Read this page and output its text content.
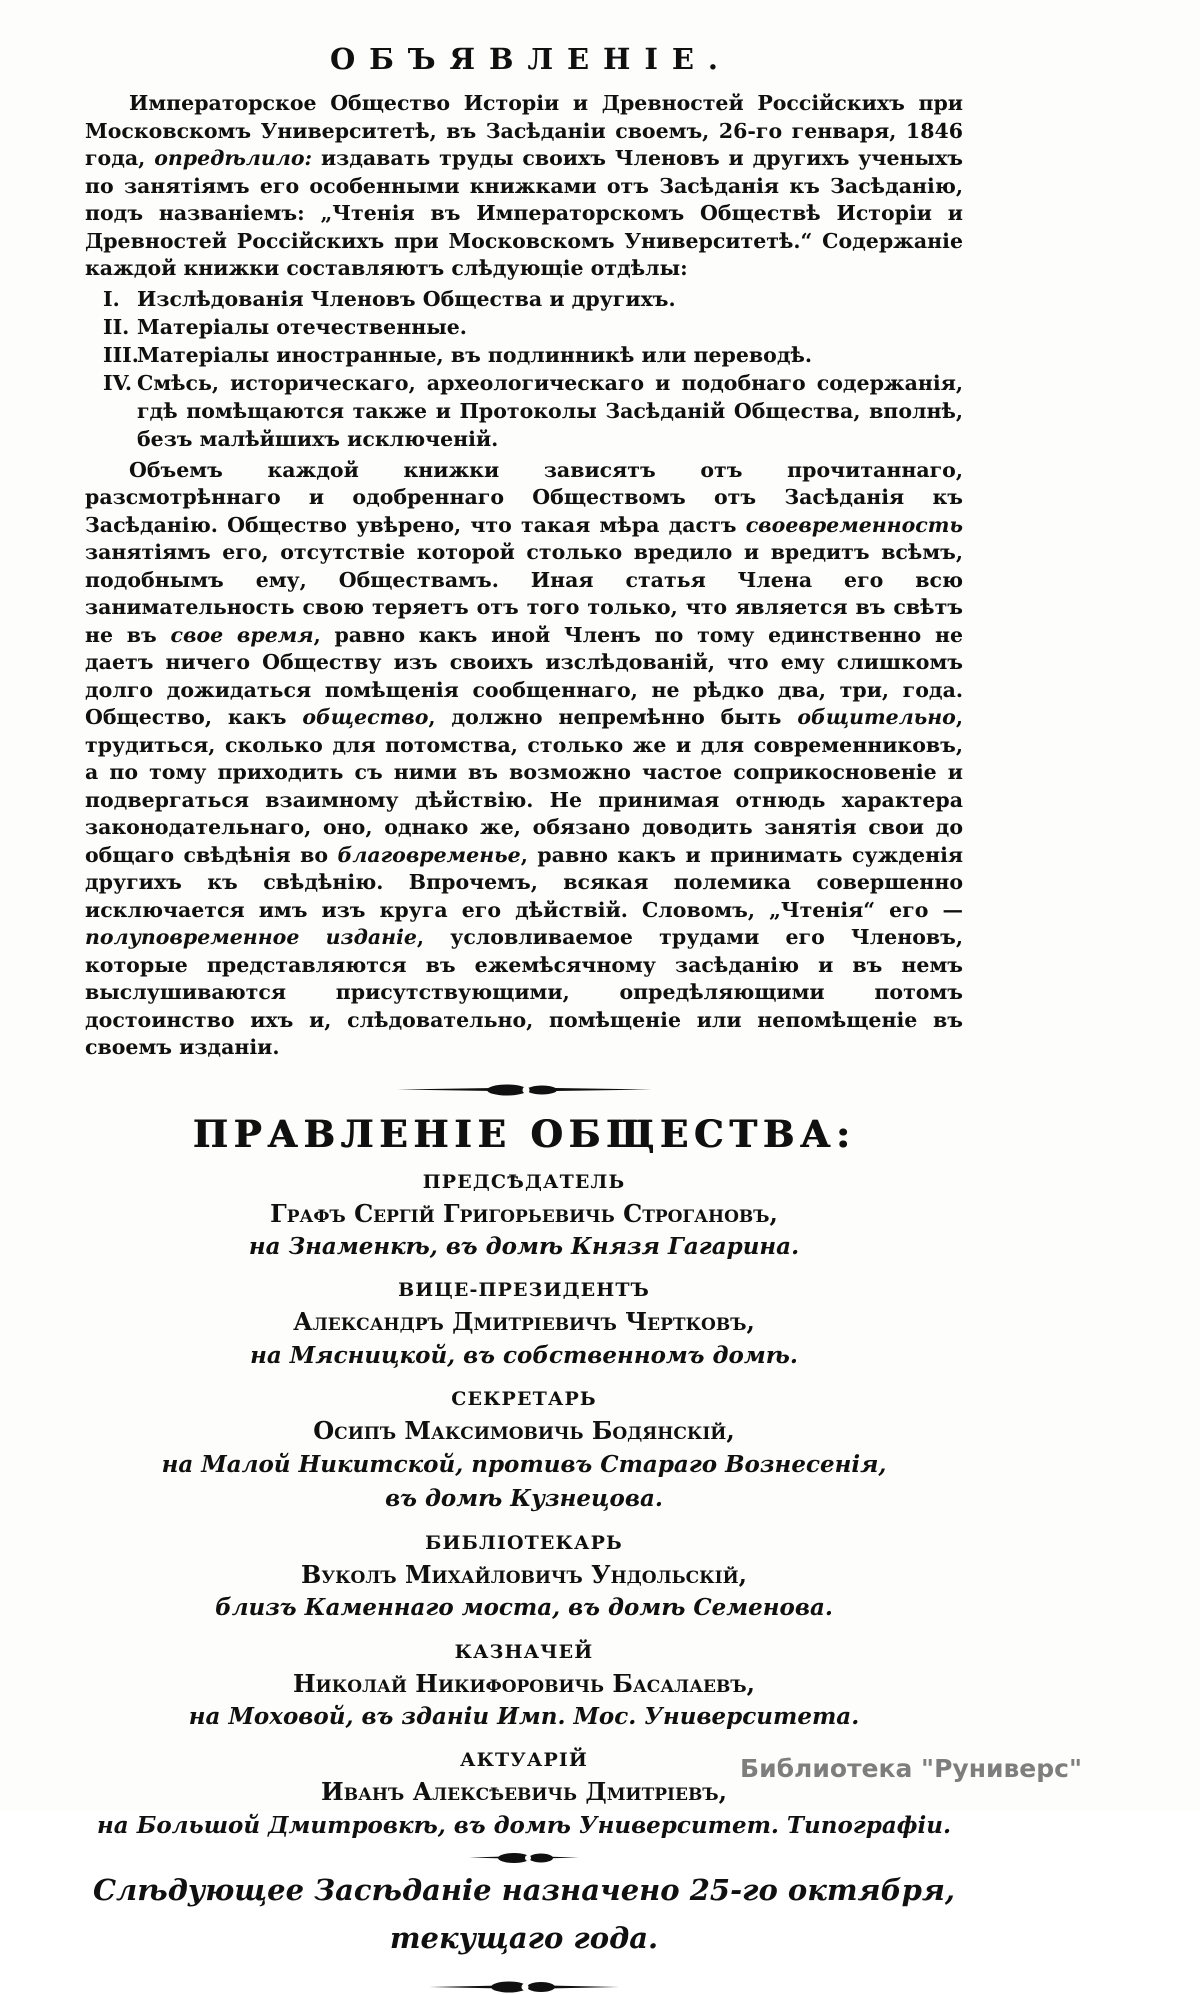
ОБЪЯВЛЕНІЕ.

Императорское Общество Исторіи и Древностей Россійскихъ при Московскомъ Университетѣ, въ Засѣданіи своемъ, 26-го генваря, 1846 года, опредѣлило: издавать труды своихъ Членовъ и другихъ ученыхъ по занятіямъ его особенными книжками отъ Засѣданія къ Засѣданію, подъ названіемъ: „Чтенія въ Императорскомъ Обществѣ Исторіи и Древностей Россійскихъ при Московскомъ Университетѣ.“ Содержаніе каждой книжки составляютъ слѣдующіе отдѣлы:

I. Изслѣдованія Членовъ Общества и другихъ.
II. Матеріалы отечественные.
III.
Матеріалы иностранные, въ подлинникѣ или переводѣ.
IV. Смѣсь, историческаго, археологическаго и подобнаго содержанія, гдѣ помѣщаются также и Протоколы Засѣданій Общества, вполнѣ, безъ малѣйшихъ исключеній.

Объемъ каждой книжки зависятъ отъ прочитаннаго, разсмотрѣннаго и одобреннаго Обществомъ отъ Засѣданія къ Засѣданію. Общество увѣрено, что такая мѣра дастъ своевременность занятіямъ его, отсутствіе которой столько вредило и вредитъ всѣмъ, подобнымъ ему, Обществамъ. Иная статья Члена его всю занимательность свою теряетъ отъ того только, что является въ свѣтъ не въ свое время, равно какъ иной Членъ по тому единственно не даетъ ничего Обществу изъ своихъ изслѣдованій, что ему слишкомъ долго дожидаться помѣщенія сообщеннаго, не рѣдко два, три, года. Общество, какъ общество, должно непремѣнно быть общительно, трудиться, сколько для потомства, столько же и для современниковъ, а по тому приходить съ ними въ возможно частое соприкосновеніе и подвергаться взаимному дѣйствію. Не принимая отнюдь характера законодательнаго, оно, однако же, обязано доводить занятія свои до общаго свѣдѣнія во благовременье, равно какъ и принимать сужденія другихъ къ свѣдѣнію. Впрочемъ, всякая полемика совершенно исключается имъ изъ круга его дѣйствій. Словомъ, „Чтенія“ его — полуповременное изданіе, условливаемое трудами его Членовъ, которые представляются въ ежемѣсячному засѣданію и въ немъ выслушиваются присутствующими, опредѣляющими потомъ достоинство ихъ и, слѣдовательно, помѣщеніе или непомѣщеніе въ своемъ изданіи.

ПРАВЛЕНІЕ ОБЩЕСТВА:
ПРЕДСѢДАТЕЛЬ
Графъ Сергій Григорьевичь Строгановъ,
на Знаменкѣ, въ домѣ Князя Гагарина.
ВИЦЕ-ПРЕЗИДЕНТЪ
Александръ Дмитріевичъ Чертковъ,
на Мясницкой, въ собственномъ домѣ.
СЕКРЕТАРЬ
Осипъ Максимовичь Бодянскій,
на Малой Никитской, противъ Стараго Вознесенія,
въ домѣ Кузнецова.
БИБЛІОТЕКАРЬ
Вуколъ Михайловичъ Ундольскій,
близъ Каменнаго моста, въ домѣ Семенова.
КАЗНАЧЕЙ
Николай Никифоровичь Басалаевъ,
на Моховой, въ зданіи Имп. Мос. Университета.
АКТУАРІЙ
Иванъ Алексѣевичь Дмитріевъ,
на Большой Дмитровкѣ, въ домѣ Университет. Типографіи.
Слѣдующее Засѣданіе назначено 25-го октября,
текущаго года.
Библиотека "Руниверс"
